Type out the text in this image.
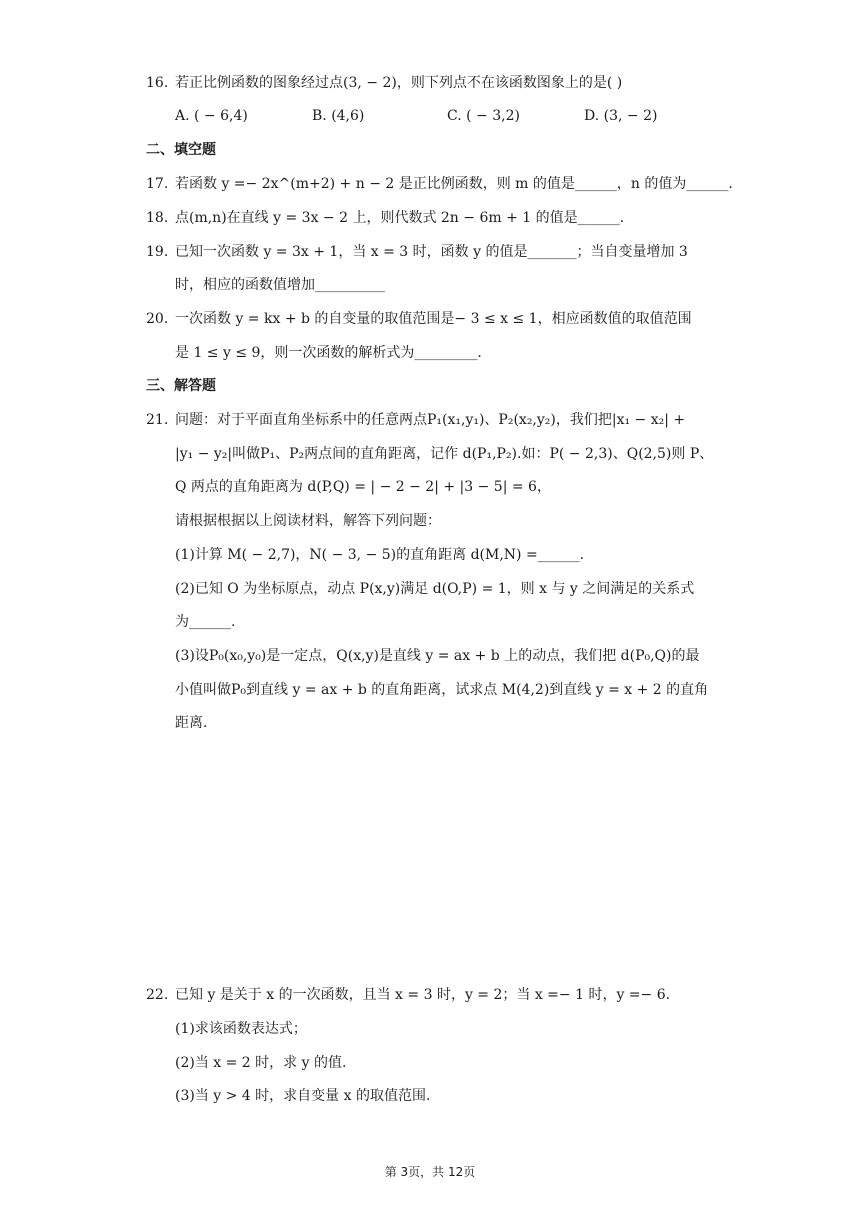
16. 若正比例函数的图象经过点(3, − 2)，则下列点不在该函数图象上的是( )
A. ( − 6,4)	B. (4,6)	C. ( − 3,2)	D. (3, − 2)
二、填空题
17. 若函数 y =− 2x^(m+2) + n − 2 是正比例函数，则 m 的值是______，n 的值为______.
18. 点(m,n)在直线 y = 3x − 2 上，则代数式 2n − 6m + 1 的值是______.
19. 已知一次函数 y = 3x + 1，当 x = 3 时，函数 y 的值是_______；当自变量增加 3
时，相应的函数值增加__________
20. 一次函数 y = kx + b 的自变量的取值范围是− 3 ≤ x ≤ 1，相应函数值的取值范围
是 1 ≤ y ≤ 9，则一次函数的解析式为_________.
三、解答题
21. 问题：对于平面直角坐标系中的任意两点P₁(x₁,y₁)、P₂(x₂,y₂)，我们把|x₁ − x₂| +
|y₁ − y₂|叫做P₁、P₂两点间的直角距离，记作 d(P₁,P₂).如：P( − 2,3)、Q(2,5)则 P、
Q 两点的直角距离为 d(P,Q) = | − 2 − 2| + |3 − 5| = 6，
请根据根据以上阅读材料，解答下列问题：
(1)计算 M( − 2,7)，N( − 3, − 5)的直角距离 d(M,N) =______.
(2)已知 O 为坐标原点，动点 P(x,y)满足 d(O,P) = 1，则 x 与 y 之间满足的关系式
为______.
(3)设P₀(x₀,y₀)是一定点，Q(x,y)是直线 y = ax + b 上的动点，我们把 d(P₀,Q)的最
小值叫做P₀到直线 y = ax + b 的直角距离，试求点 M(4,2)到直线 y = x + 2 的直角
距离.
22. 已知 y 是关于 x 的一次函数，且当 x = 3 时，y = 2；当 x =− 1 时，y =− 6.
(1)求该函数表达式；
(2)当 x = 2 时，求 y 的值.
(3)当 y > 4 时，求自变量 x 的取值范围.
第 3页，共 12页
